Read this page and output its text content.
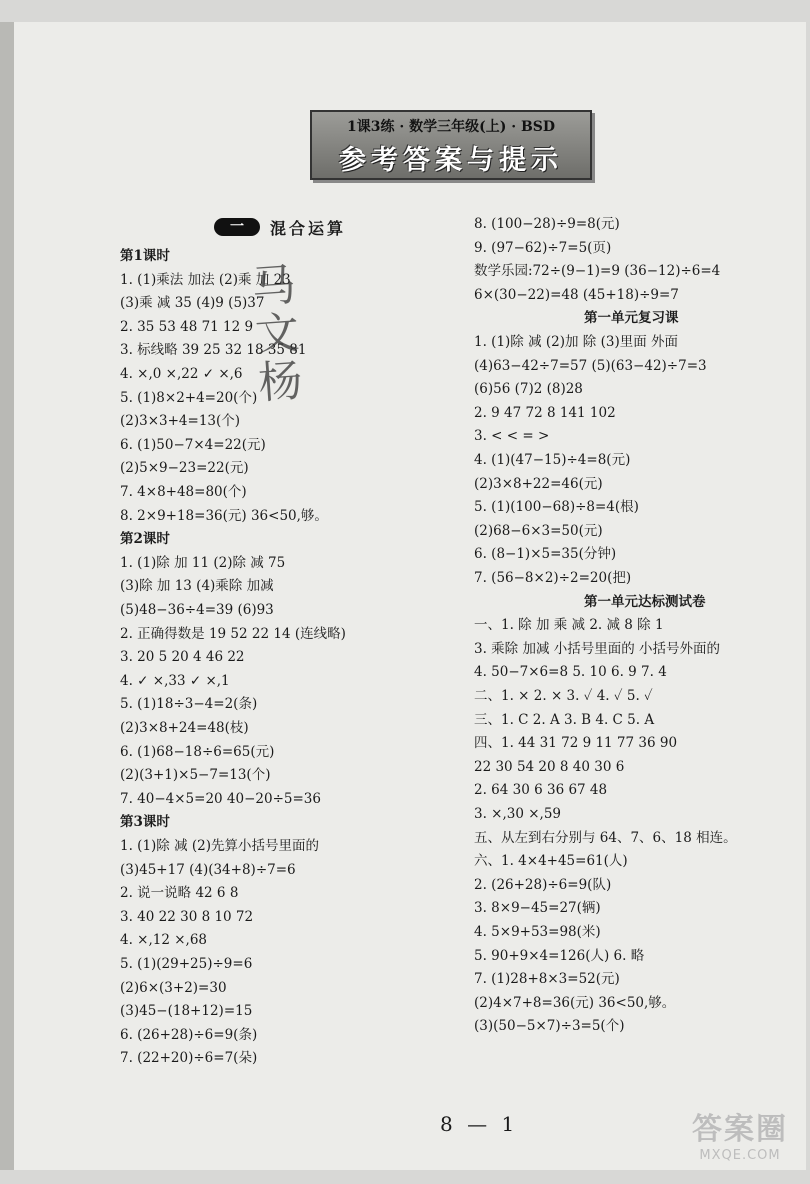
1课3练 · 数学三年级(上) · BSD
参考答案与提示
一	混合运算
第1课时
1. (1)乘法 加法 (2)乘 加 23
(3)乘 减 35 (4)9 (5)37
2. 35 53 48 71 12 9
3. 标线略 39 25 32 18 35 81
4. ×,0 ×,22 ✓ ×,6
5. (1)8×2+4=20(个)
(2)3×3+4=13(个)
6. (1)50−7×4=22(元)
(2)5×9−23=22(元)
7. 4×8+48=80(个)
8. 2×9+18=36(元) 36<50,够。
第2课时
1. (1)除 加 11 (2)除 减 75
(3)除 加 13 (4)乘除 加减
(5)48−36÷4=39 (6)93
2. 正确得数是 19 52 22 14 (连线略)
3. 20 5 20 4 46 22
4. ✓ ×,33 ✓ ×,1
5. (1)18÷3−4=2(条)
(2)3×8+24=48(枝)
6. (1)68−18÷6=65(元)
(2)(3+1)×5−7=13(个)
7. 40−4×5=20 40−20÷5=36
第3课时
1. (1)除 减 (2)先算小括号里面的
(3)45+17 (4)(34+8)÷7=6
2. 说一说略 42 6 8
3. 40 22 30 8 10 72
4. ×,12 ×,68
5. (1)(29+25)÷9=6
(2)6×(3+2)=30
(3)45−(18+12)=15
6. (26+28)÷6=9(条)
7. (22+20)÷6=7(朵)
8. (100−28)÷9=8(元)
9. (97−62)÷7=5(页)
数学乐园:72÷(9−1)=9 (36−12)÷6=4
6×(30−22)=48 (45+18)÷9=7
第一单元复习课
1. (1)除 减 (2)加 除 (3)里面 外面
(4)63−42÷7=57 (5)(63−42)÷7=3
(6)56 (7)2 (8)28
2. 9 47 72 8 141 102
3. < < = >
4. (1)(47−15)÷4=8(元)
(2)3×8+22=46(元)
5. (1)(100−68)÷8=4(根)
(2)68−6×3=50(元)
6. (8−1)×5=35(分钟)
7. (56−8×2)÷2=20(把)
第一单元达标测试卷
一、1. 除 加 乘 减 2. 减 8 除 1
3. 乘除 加减 小括号里面的 小括号外面的
4. 50−7×6=8 5. 10 6. 9 7. 4
二、1. × 2. × 3. ✓ 4. ✓ 5. ✓
三、1. C 2. A 3. B 4. C 5. A
四、1. 44 31 72 9 11 77 36 90
22 30 54 20 8 40 30 6
2. 64 30 6 36 67 48
3. ×,30 ×,59
五、从左到右分别与 64、7、6、18 相连。
六、1. 4×4+45=61(人)
2. (26+28)÷6=9(队)
3. 8×9−45=27(辆)
4. 5×9+53=98(米)
5. 90+9×4=126(人) 6. 略
7. (1)28+8×3=52(元)
(2)4×7+8=36(元) 36<50,够。
(3)(50−5×7)÷3=5(个)
马文杨
8 — 1	答案圈
MXQE.COM
